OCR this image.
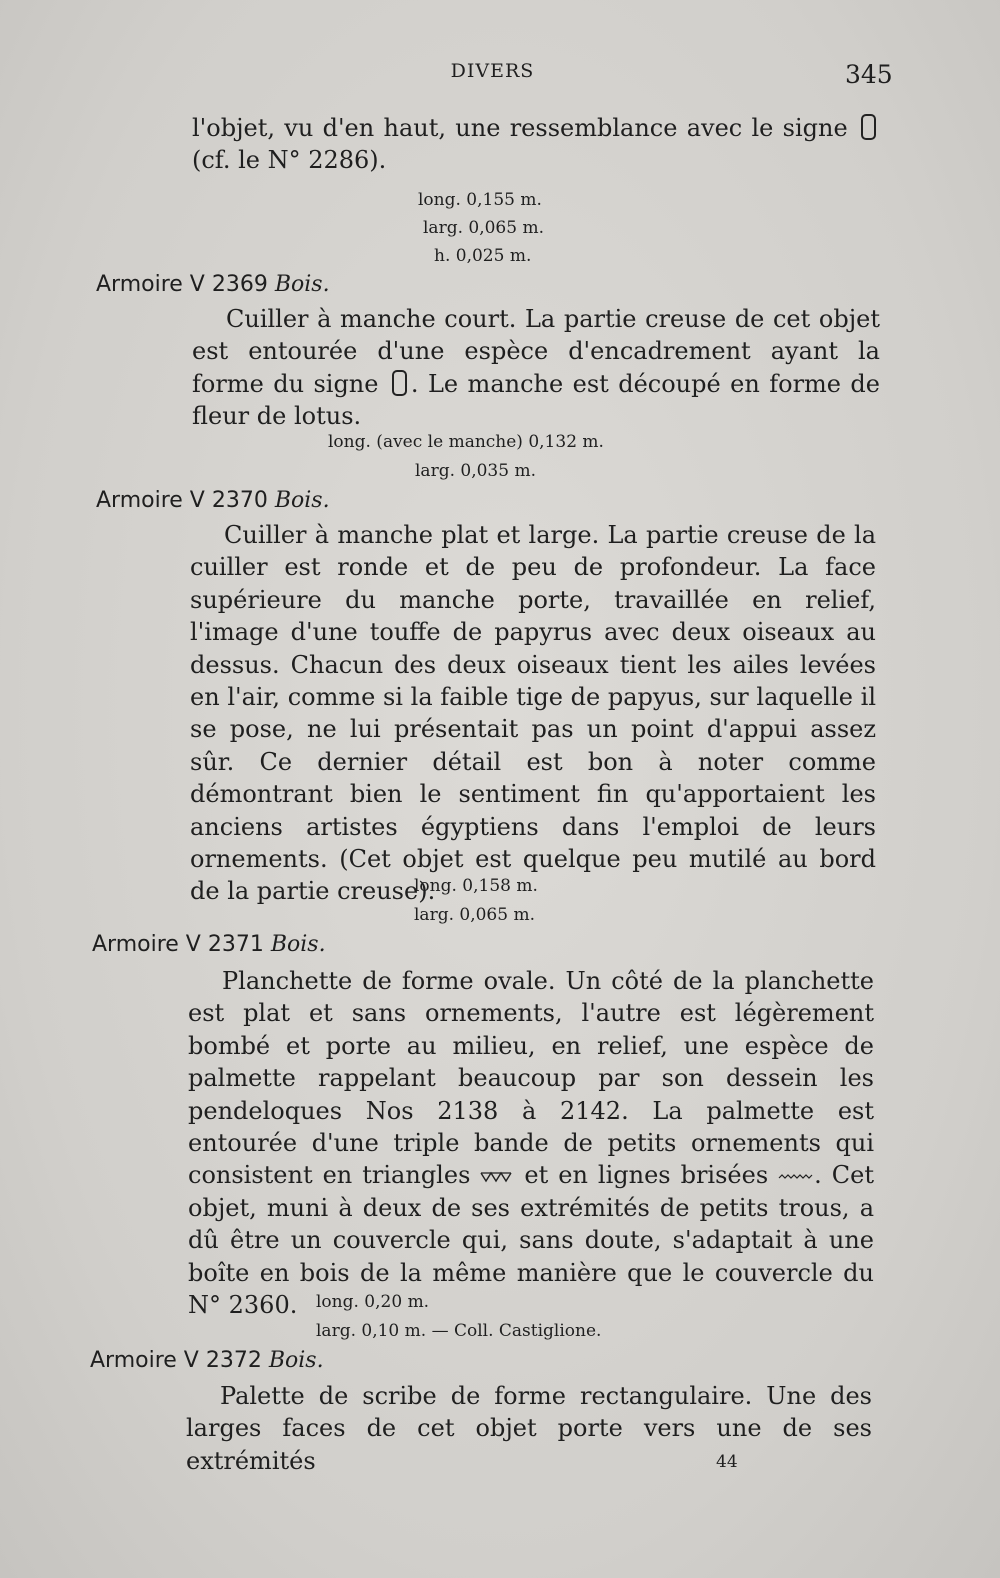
DIVERS	345
l'objet, vu d'en haut, une ressemblance avec le signe  (cf. le N° 2286).
long. 0,155 m.
larg. 0,065 m.
h. 0,025 m.
Armoire V 2369 Bois.
Cuiller à manche court. La partie creuse de cet objet est entourée d'une espèce d'encadrement ayant la forme du signe . Le manche est découpé en forme de fleur de lotus.
long. (avec le manche) 0,132 m.
larg. 0,035 m.
Armoire V 2370 Bois.
Cuiller à manche plat et large. La partie creuse de la cuiller est ronde et de peu de profondeur. La face supérieure du manche porte, travaillée en relief, l'image d'une touffe de papyrus avec deux oiseaux au dessus. Chacun des deux oiseaux tient les ailes levées en l'air, comme si la faible tige de papyus, sur laquelle il se pose, ne lui présentait pas un point d'appui assez sûr. Ce dernier détail est bon à noter comme démontrant bien le sentiment fin qu'apportaient les anciens artistes égyptiens dans l'emploi de leurs ornements. (Cet objet est quelque peu mutilé au bord de la partie creuse).
long. 0,158 m.
larg. 0,065 m.
Armoire V 2371 Bois.
Planchette de forme ovale. Un côté de la planchette est plat et sans ornements, l'autre est légèrement bombé et porte au milieu, en relief, une espèce de palmette rappelant beaucoup par son dessein les pendeloques Nos 2138 à 2142. La palmette est entourée d'une triple bande de petits ornements qui consistent en triangles et en lignes brisées . Cet objet, muni à deux de ses extrémités de petits trous, a dû être un couvercle qui, sans doute, s'adaptait à une boîte en bois de la même manière que le couvercle du N° 2360.	long. 0,20 m.
larg. 0,10 m. — Coll. Castiglione.
Armoire V 2372 Bois.
Palette de scribe de forme rectangulaire. Une des larges faces de cet objet porte vers une de ses extrémités	44
